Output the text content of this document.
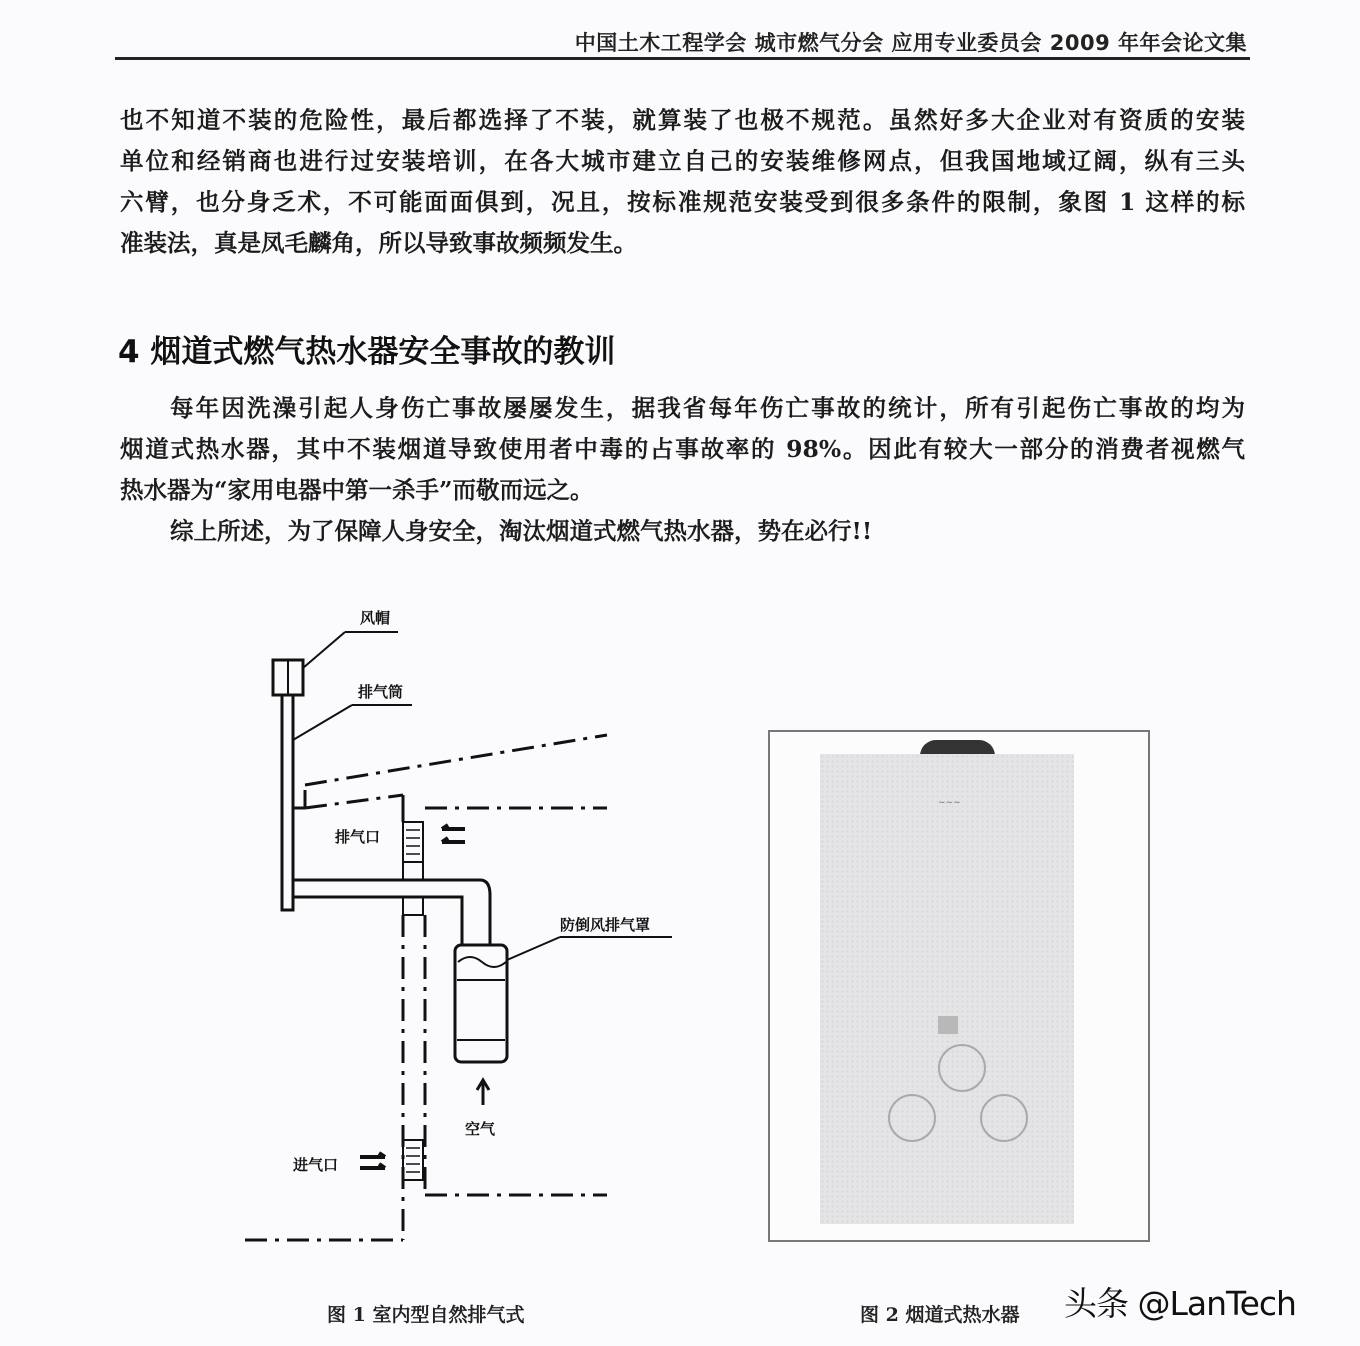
中国土木工程学会 城市燃气分会 应用专业委员会 2009 年年会论文集
也不知道不装的危险性，最后都选择了不装，就算装了也极不规范。虽然好多大企业对有资质的安装
单位和经销商也进行过安装培训，在各大城市建立自己的安装维修网点，但我国地域辽阔，纵有三头
六臂，也分身乏术，不可能面面俱到，况且，按标准规范安装受到很多条件的限制，象图 1 这样的标
准装法，真是凤毛麟角，所以导致事故频频发生。
4 烟道式燃气热水器安全事故的教训
每年因洗澡引起人身伤亡事故屡屡发生，据我省每年伤亡事故的统计，所有引起伤亡事故的均为
烟道式热水器，其中不装烟道导致使用者中毒的占事故率的 98%。因此有较大一部分的消费者视燃气
热水器为“家用电器中第一杀手”而敬而远之。
综上所述，为了保障人身安全，淘汰烟道式燃气热水器，势在必行!!
风帽
排气筒
排气口
防倒风排气罩
空气
进气口
~~~
图 1 室内型自然排气式	图 2 烟道式热水器 头条 @LanTech
